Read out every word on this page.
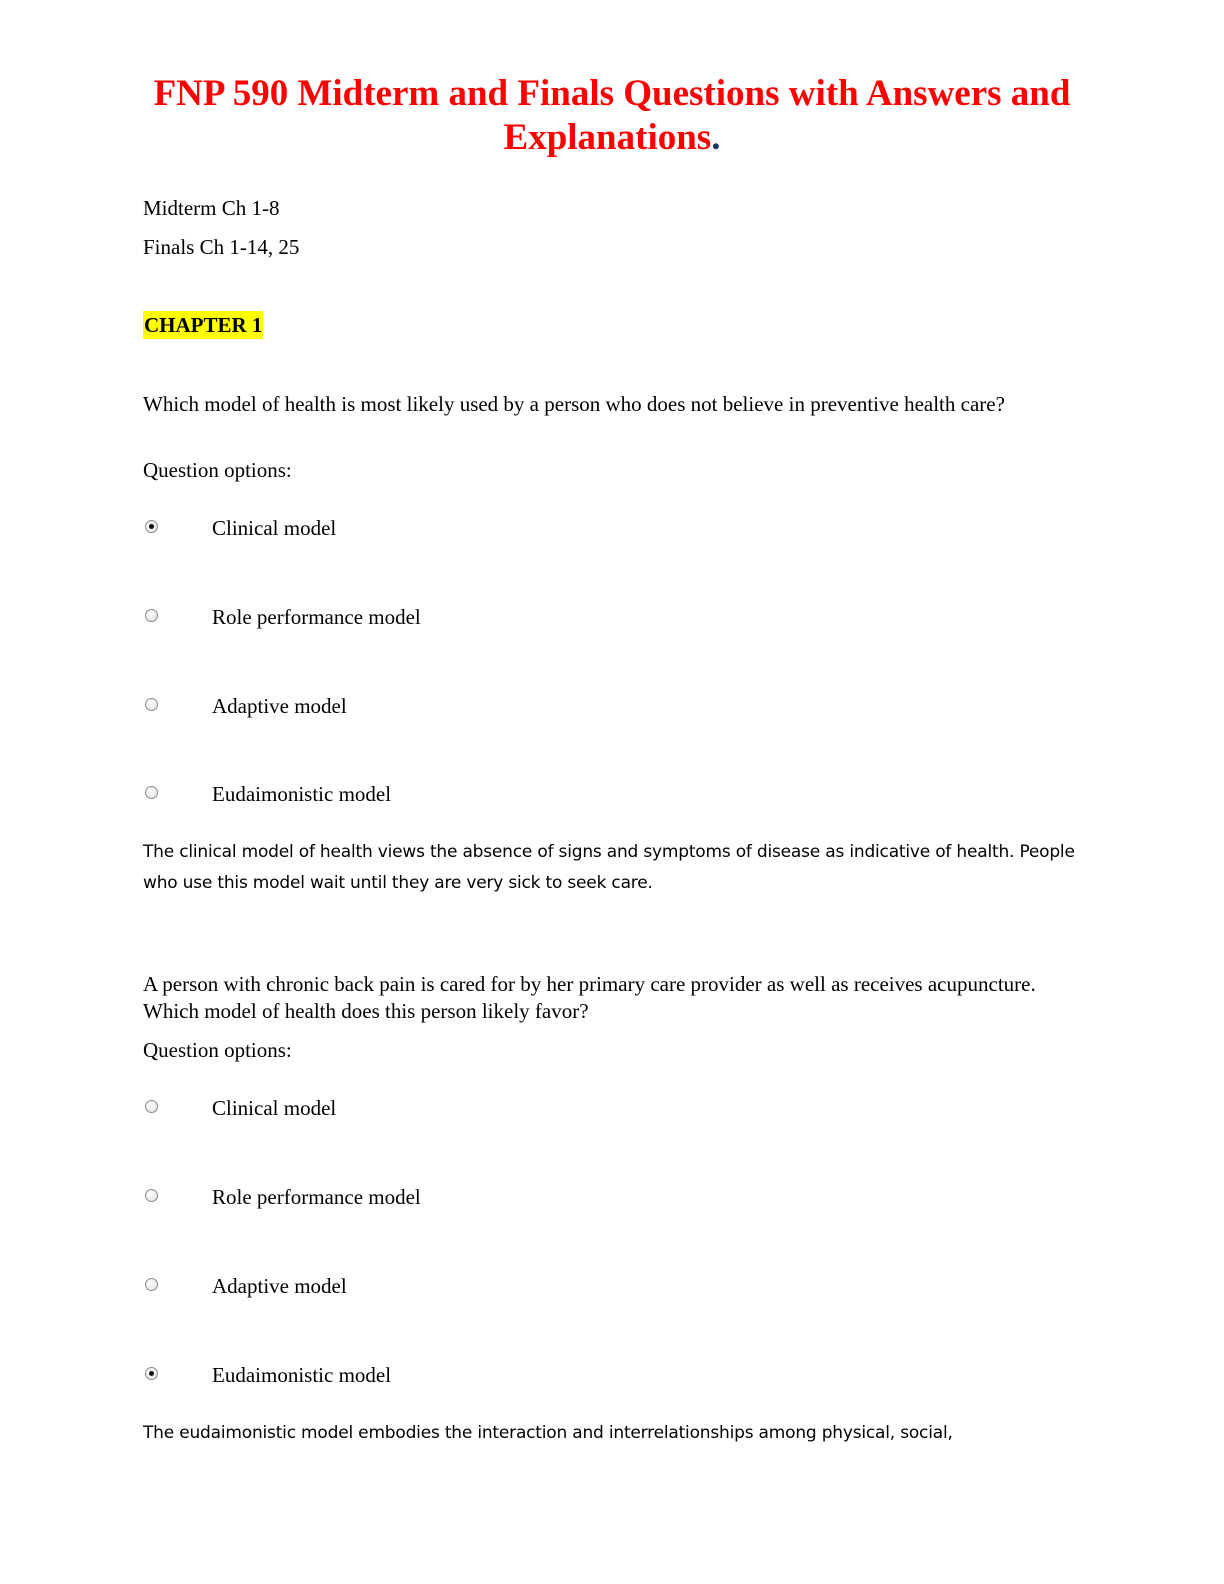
FNP 590 Midterm and Finals Questions with Answers and Explanations.
Midterm Ch 1-8
Finals Ch 1-14, 25
CHAPTER 1
Which model of health is most likely used by a person who does not believe in preventive health care?
Question options:
Clinical model
Role performance model
Adaptive model
Eudaimonistic model
The clinical model of health views the absence of signs and symptoms of disease as indicative of health. People who use this model wait until they are very sick to seek care.
A person with chronic back pain is cared for by her primary care provider as well as receives acupuncture. Which model of health does this person likely favor?
Question options:
Clinical model
Role performance model
Adaptive model
Eudaimonistic model
The eudaimonistic model embodies the interaction and interrelationships among physical, social,
